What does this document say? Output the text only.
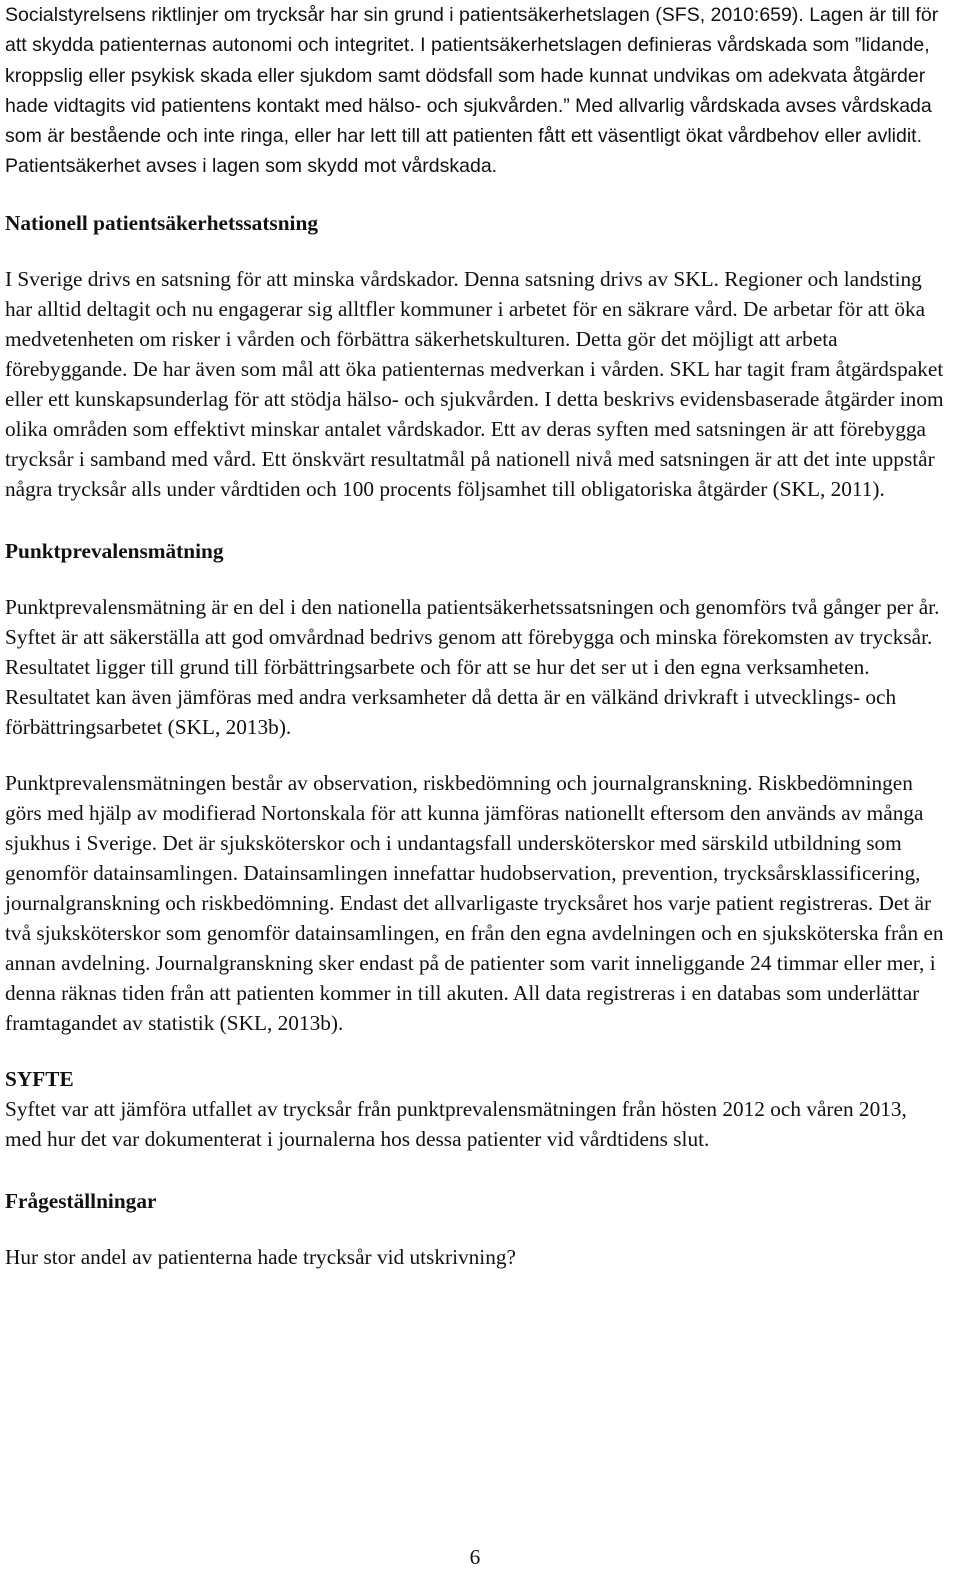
Socialstyrelsens riktlinjer om trycksår har sin grund i patientsäkerhetslagen (SFS, 2010:659). Lagen är till för att skydda patienternas autonomi och integritet. I patientsäkerhetslagen definieras vårdskada som ”lidande, kroppslig eller psykisk skada eller sjukdom samt dödsfall som hade kunnat undvikas om adekvata åtgärder hade vidtagits vid patientens kontakt med hälso- och sjukvården.” Med allvarlig vårdskada avses vårdskada som är bestående och inte ringa, eller har lett till att patienten fått ett väsentligt ökat vårdbehov eller avlidit. Patientsäkerhet avses i lagen som skydd mot vårdskada.

Nationell patientsäkerhetssatsning

I Sverige drivs en satsning för att minska vårdskador. Denna satsning drivs av SKL. Regioner och landsting har alltid deltagit och nu engagerar sig alltfler kommuner i arbetet för en säkrare vård. De arbetar för att öka medvetenheten om risker i vården och förbättra säkerhetskulturen. Detta gör det möjligt att arbeta förebyggande. De har även som mål att öka patienternas medverkan i vården. SKL har tagit fram åtgärdspaket eller ett kunskapsunderlag för att stödja hälso- och sjukvården. I detta beskrivs evidensbaserade åtgärder inom olika områden som effektivt minskar antalet vårdskador. Ett av deras syften med satsningen är att förebygga trycksår i samband med vård. Ett önskvärt resultatmål på nationell nivå med satsningen är att det inte uppstår några trycksår alls under vårdtiden och 100 procents följsamhet till obligatoriska åtgärder (SKL, 2011).

Punktprevalensmätning

Punktprevalensmätning är en del i den nationella patientsäkerhetssatsningen och genomförs två gånger per år. Syftet är att säkerställa att god omvårdnad bedrivs genom att förebygga och minska förekomsten av trycksår. Resultatet ligger till grund till förbättringsarbete och för att se hur det ser ut i den egna verksamheten. Resultatet kan även jämföras med andra verksamheter då detta är en välkänd drivkraft i utvecklings- och förbättringsarbetet (SKL, 2013b).

Punktprevalensmätningen består av observation, riskbedömning och journalgranskning. Riskbedömningen görs med hjälp av modifierad Nortonskala för att kunna jämföras nationellt eftersom den används av många sjukhus i Sverige. Det är sjuksköterskor och i undantagsfall undersköterskor med särskild utbildning som genomför datainsamlingen. Datainsamlingen innefattar hudobservation, prevention, trycksårsklassificering, journalgranskning och riskbedömning. Endast det allvarligaste trycksåret hos varje patient registreras. Det är två sjuksköterskor som genomför datainsamlingen, en från den egna avdelningen och en sjuksköterska från en annan avdelning. Journalgranskning sker endast på de patienter som varit inneliggande 24 timmar eller mer, i denna räknas tiden från att patienten kommer in till akuten. All data registreras i en databas som underlättar framtagandet av statistik (SKL, 2013b).

SYFTE

Syftet var att jämföra utfallet av trycksår från punktprevalensmätningen från hösten 2012 och våren 2013, med hur det var dokumenterat i journalerna hos dessa patienter vid vårdtidens slut.

Frågeställningar

Hur stor andel av patienterna hade trycksår vid utskrivning?

6
